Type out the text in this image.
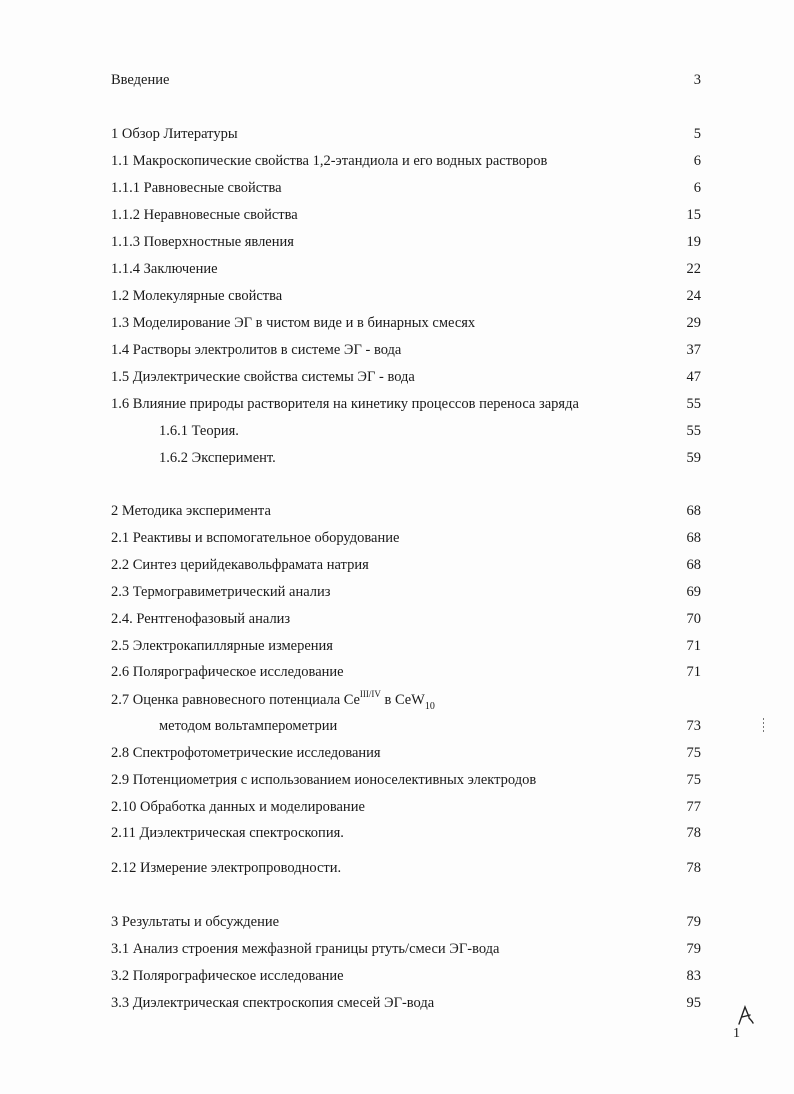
Введение	3
1 Обзор Литературы	5
1.1 Макроскопические свойства 1,2-этандиола и его водных растворов	6
1.1.1 Равновесные свойства	6
1.1.2 Неравновесные свойства	15
1.1.3 Поверхностные явления	19
1.1.4 Заключение	22
1.2 Молекулярные свойства	24
1.3 Моделирование ЭГ в чистом виде и в бинарных смесях	29
1.4 Растворы электролитов в системе ЭГ - вода	37
1.5 Диэлектрические свойства системы ЭГ - вода	47
1.6 Влияние природы растворителя на кинетику процессов переноса заряда	55
1.6.1 Теория.	55
1.6.2 Эксперимент.	59
2 Методика эксперимента	68
2.1 Реактивы и вспомогательное оборудование	68
2.2 Синтез церийдекавольфрамата натрия	68
2.3 Термогравиметрический анализ	69
2.4. Рентгенофазовый анализ	70
2.5 Электрокапиллярные измерения	71
2.6 Полярографическое исследование	71
2.7 Оценка равновесного потенциала $Ce^{III/IV}$ в CeW$_{10}$
методом вольтамперометрии	73
2.8 Спектрофотометрические исследования	75
2.9 Потенциометрия с использованием ионоселективных электродов	75
2.10 Обработка данных и моделирование	77
2.11 Диэлектрическая спектроскопия.	78
2.12 Измерение электропроводности.	78
3 Результаты и обсуждение	79
3.1 Анализ строения межфазной границы ртуть/смеси ЭГ-вода	79
3.2 Полярографическое исследование	83
3.3 Диэлектрическая спектроскопия смесей ЭГ-вода	95
1
